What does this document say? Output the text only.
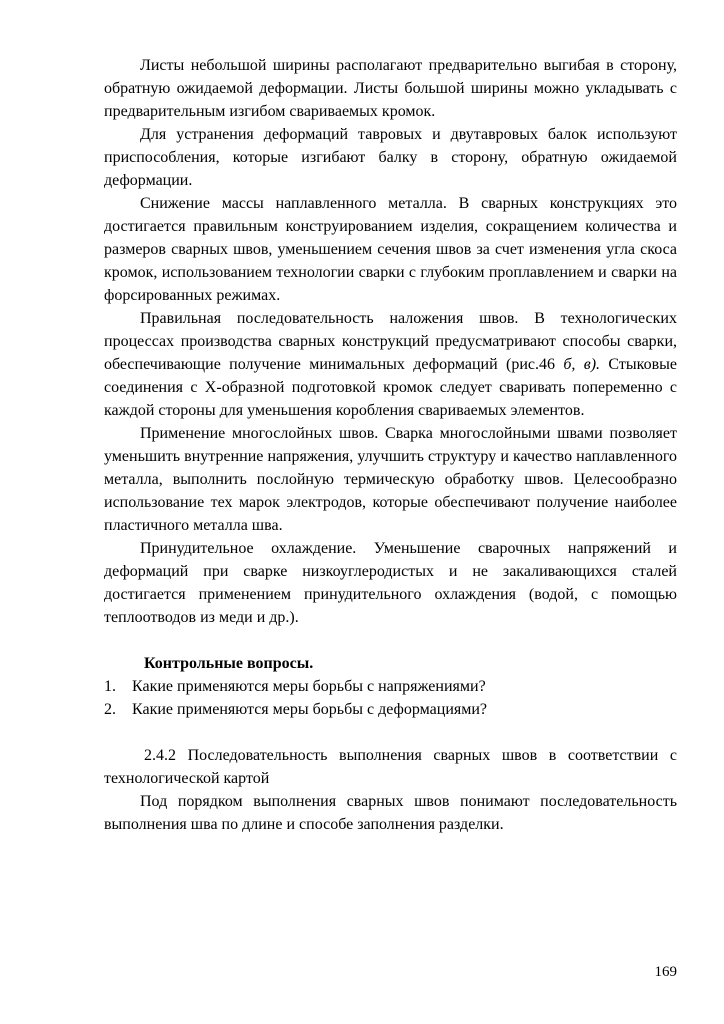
Листы небольшой ширины располагают предварительно выгибая в сторону, обратную ожидаемой деформации. Листы большой ширины можно укладывать с предварительным изгибом свариваемых кромок.

Для устранения деформаций тавровых и двутавровых балок используют приспособления, которые изгибают балку в сторону, обратную ожидаемой деформации.

Снижение массы наплавленного металла. В сварных конструкциях это достигается правильным конструированием изделия, сокращением количества и размеров сварных швов, уменьшением сечения швов за счет изменения угла скоса кромок, использованием технологии сварки с глубоким проплавлением и сварки на форсированных режимах.

Правильная последовательность наложения швов. В технологических процессах производства сварных конструкций предусматривают способы сварки, обеспечивающие получение минимальных деформаций (рис.46 б, в). Стыковые соединения с Х-образной подготовкой кромок следует сваривать попеременно с каждой стороны для уменьшения коробления свариваемых элементов.

Применение многослойных швов. Сварка многослойными швами позволяет уменьшить внутренние напряжения, улучшить структуру и качество наплавленного металла, выполнить послойную термическую обработку швов. Целесообразно использование тех марок электродов, которые обеспечивают получение наиболее пластичного металла шва.

Принудительное охлаждение. Уменьшение сварочных напряжений и деформаций при сварке низкоуглеродистых и не закаливающихся сталей достигается применением принудительного охлаждения (водой, с помощью теплоотводов из меди и др.).

Контрольные вопросы.

1.	Какие применяются меры борьбы с напряжениями?
2.	Какие применяются меры борьбы с деформациями?

2.4.2 Последовательность выполнения сварных швов в соответствии с технологической картой

Под порядком выполнения сварных швов понимают последовательность выполнения шва по длине и способе заполнения разделки.

169
